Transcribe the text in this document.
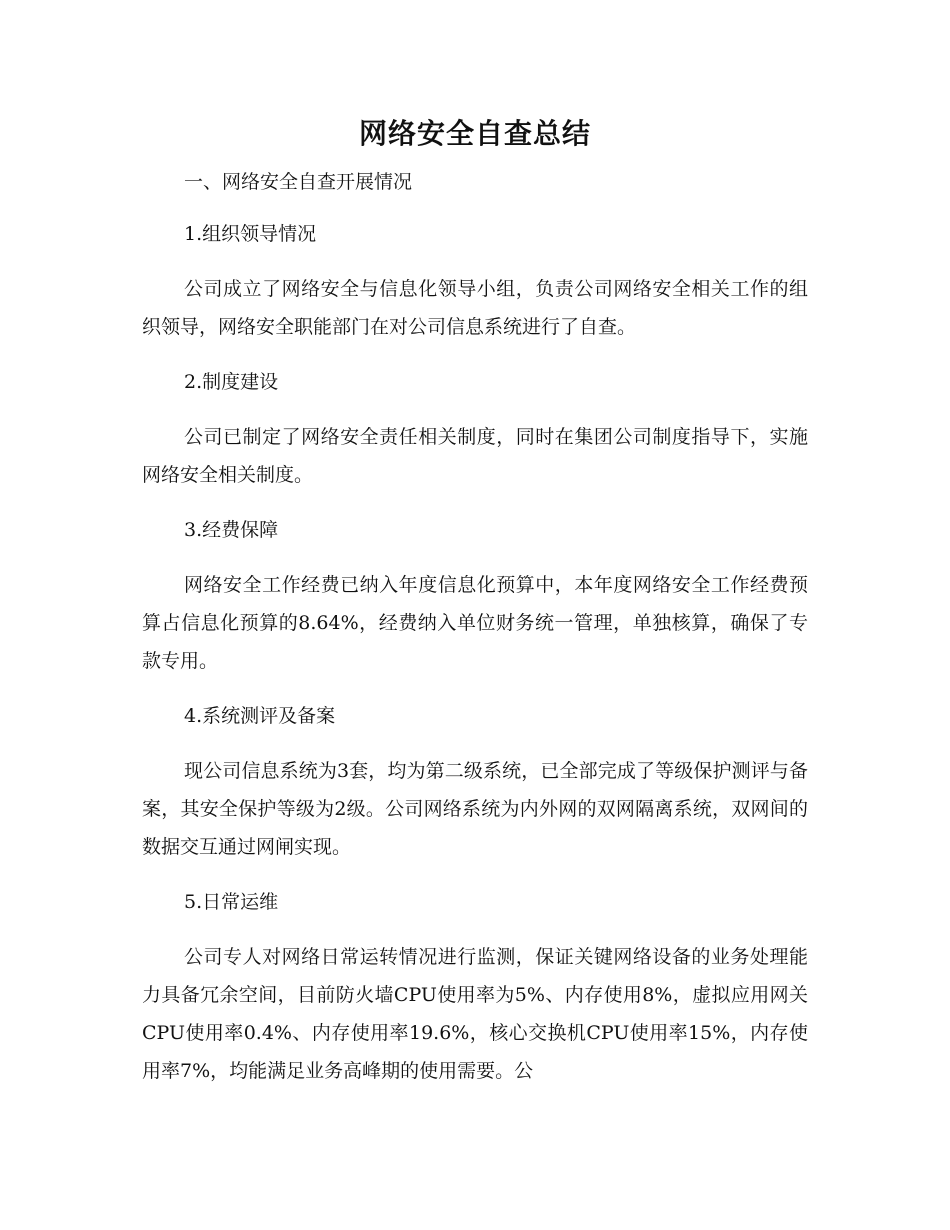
网络安全自查总结

一、网络安全自查开展情况

1.组织领导情况

公司成立了网络安全与信息化领导小组，负责公司网络安全相关工作的组织领导，网络安全职能部门在对公司信息系统进行了自查。

2.制度建设

公司已制定了网络安全责任相关制度，同时在集团公司制度指导下，实施网络安全相关制度。

3.经费保障

网络安全工作经费已纳入年度信息化预算中，本年度网络安全工作经费预算占信息化预算的8.64%，经费纳入单位财务统一管理，单独核算，确保了专款专用。

4.系统测评及备案

现公司信息系统为3套，均为第二级系统，已全部完成了等级保护测评与备案，其安全保护等级为2级。公司网络系统为内外网的双网隔离系统，双网间的数据交互通过网闸实现。

5.日常运维

公司专人对网络日常运转情况进行监测，保证关键网络设备的业务处理能力具备冗余空间，目前防火墙CPU使用率为5%、内存使用8%，虚拟应用网关CPU使用率0.4%、内存使用率19.6%，核心交换机CPU使用率15%，内存使用率7%，均能满足业务高峰期的使用需要。公
